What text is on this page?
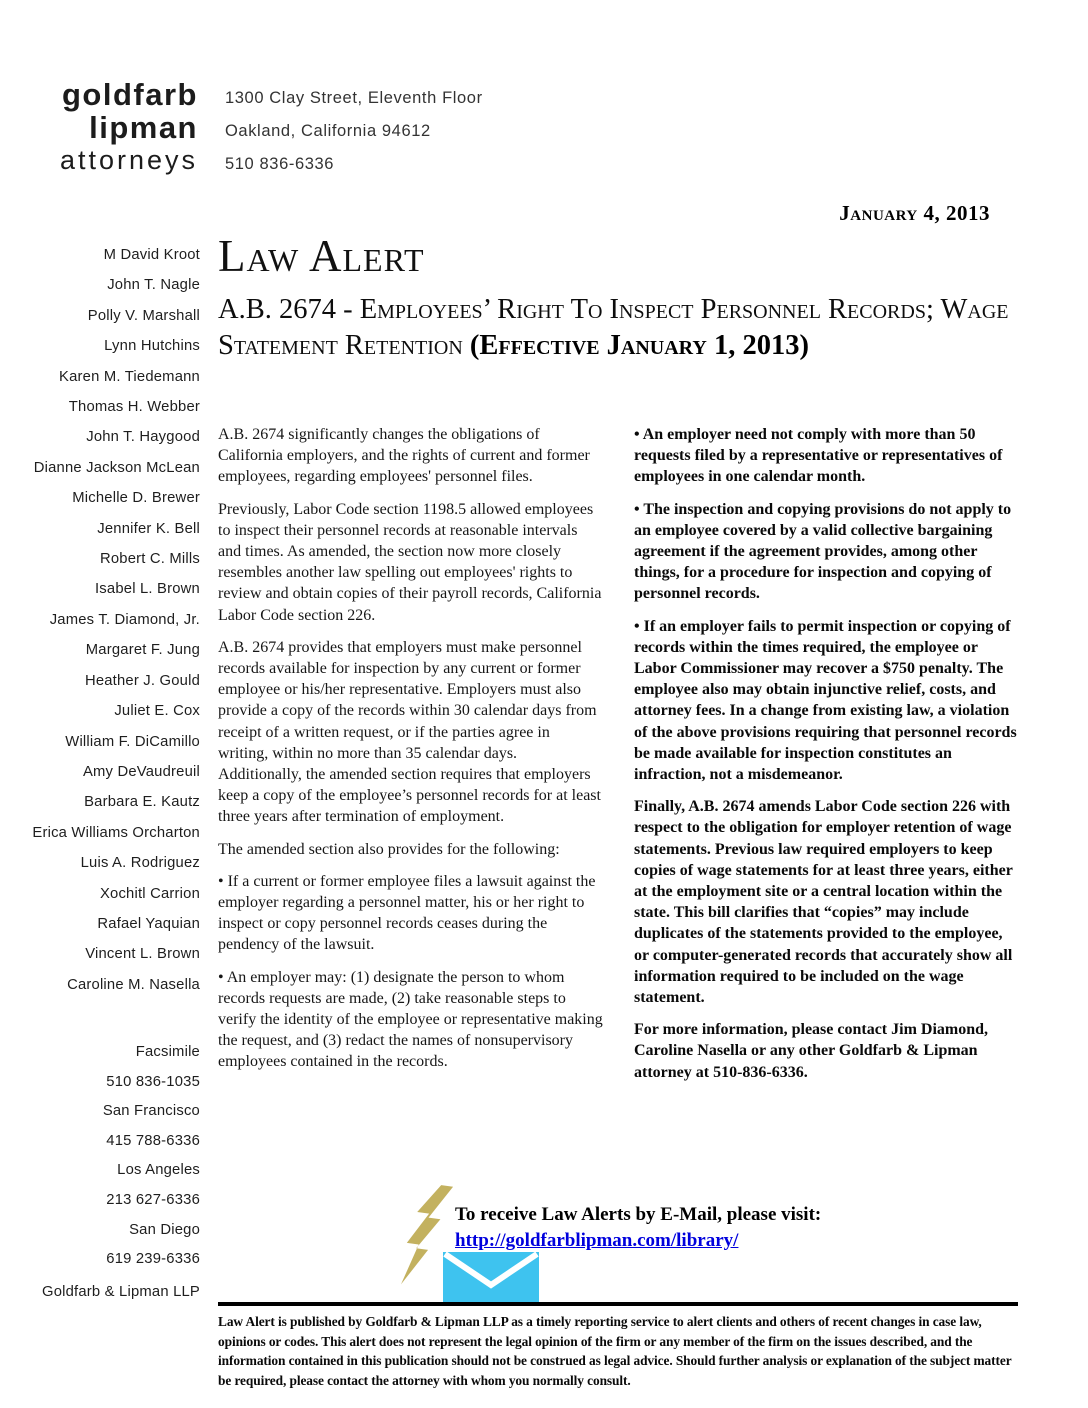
goldfarb
lipman
attorneys
1300 Clay Street, Eleventh Floor
Oakland, California 94612
510 836-6336
M David Kroot
John T. Nagle
Polly V. Marshall
Lynn Hutchins
Karen M. Tiedemann
Thomas H. Webber
John T. Haygood
Dianne Jackson McLean
Michelle D. Brewer
Jennifer K. Bell
Robert C. Mills
Isabel L. Brown
James T. Diamond, Jr.
Margaret F. Jung
Heather J. Gould
Juliet E. Cox
William F. DiCamillo
Amy DeVaudreuil
Barbara E. Kautz
Erica Williams Orcharton
Luis A. Rodriguez
Xochitl Carrion
Rafael Yaquian
Vincent L. Brown
Caroline M. Nasella
Facsimile
510 836-1035
San Francisco
415 788-6336
Los Angeles
213 627-6336
San Diego
619 239-6336
Goldfarb & Lipman LLP
January 4, 2013
Law Alert
A.B. 2674 - Employees’ Right To Inspect Personnel Records; Wage Statement Retention (Effective January 1, 2013)

A.B. 2674 significantly changes the obligations of California employers, and the rights of current and former employees, regarding employees' personnel files.

Previously, Labor Code section 1198.5 allowed employees to inspect their personnel records at reasonable intervals and times. As amended, the section now more closely resembles another law spelling out employees' rights to review and obtain copies of their payroll records, California Labor Code section 226.

A.B. 2674 provides that employers must make personnel records available for inspection by any current or former employee or his/her representative. Employers must also provide a copy of the records within 30 calendar days from receipt of a written request, or if the parties agree in writing, within no more than 35 calendar days. Additionally, the amended section requires that employers keep a copy of the employee’s personnel records for at least three years after termination of employment.

The amended section also provides for the following:

• If a current or former employee files a lawsuit against the employer regarding a personnel matter, his or her right to inspect or copy personnel records ceases during the pendency of the lawsuit.

• An employer may: (1) designate the person to whom records requests are made, (2) take reasonable steps to verify the identity of the employee or representative making the request, and (3) redact the names of nonsupervisory employees contained in the records.

• An employer need not comply with more than 50 requests filed by a representative or representatives of employees in one calendar month.

• The inspection and copying provisions do not apply to an employee covered by a valid collective bargaining agreement if the agreement provides, among other things, for a procedure for inspection and copying of personnel records.

• If an employer fails to permit inspection or copying of records within the times required, the employee or Labor Commissioner may recover a $750 penalty. The employee also may obtain injunctive relief, costs, and attorney fees. In a change from existing law, a violation of the above provisions requiring that personnel records be made available for inspection constitutes an infraction, not a misdemeanor.

Finally, A.B. 2674 amends Labor Code section 226 with respect to the obligation for employer retention of wage statements. Previous law required employers to keep copies of wage statements for at least three years, either at the employment site or a central location within the state. This bill clarifies that “copies” may include duplicates of the statements provided to the employee, or computer-generated records that accurately show all information required to be included on the wage statement.

For more information, please contact Jim Diamond, Caroline Nasella or any other Goldfarb & Lipman attorney at 510-836-6336.

To receive Law Alerts by E-Mail, please visit:
http://goldfarblipman.com/library/
Law Alert is published by Goldfarb & Lipman LLP as a timely reporting service to alert clients and others of recent changes in case law, opinions or codes. This alert does not represent the legal opinion of the firm or any member of the firm on the issues described, and the information contained in this publication should not be construed as legal advice. Should further analysis or explanation of the subject matter be required, please contact the attorney with whom you normally consult.
